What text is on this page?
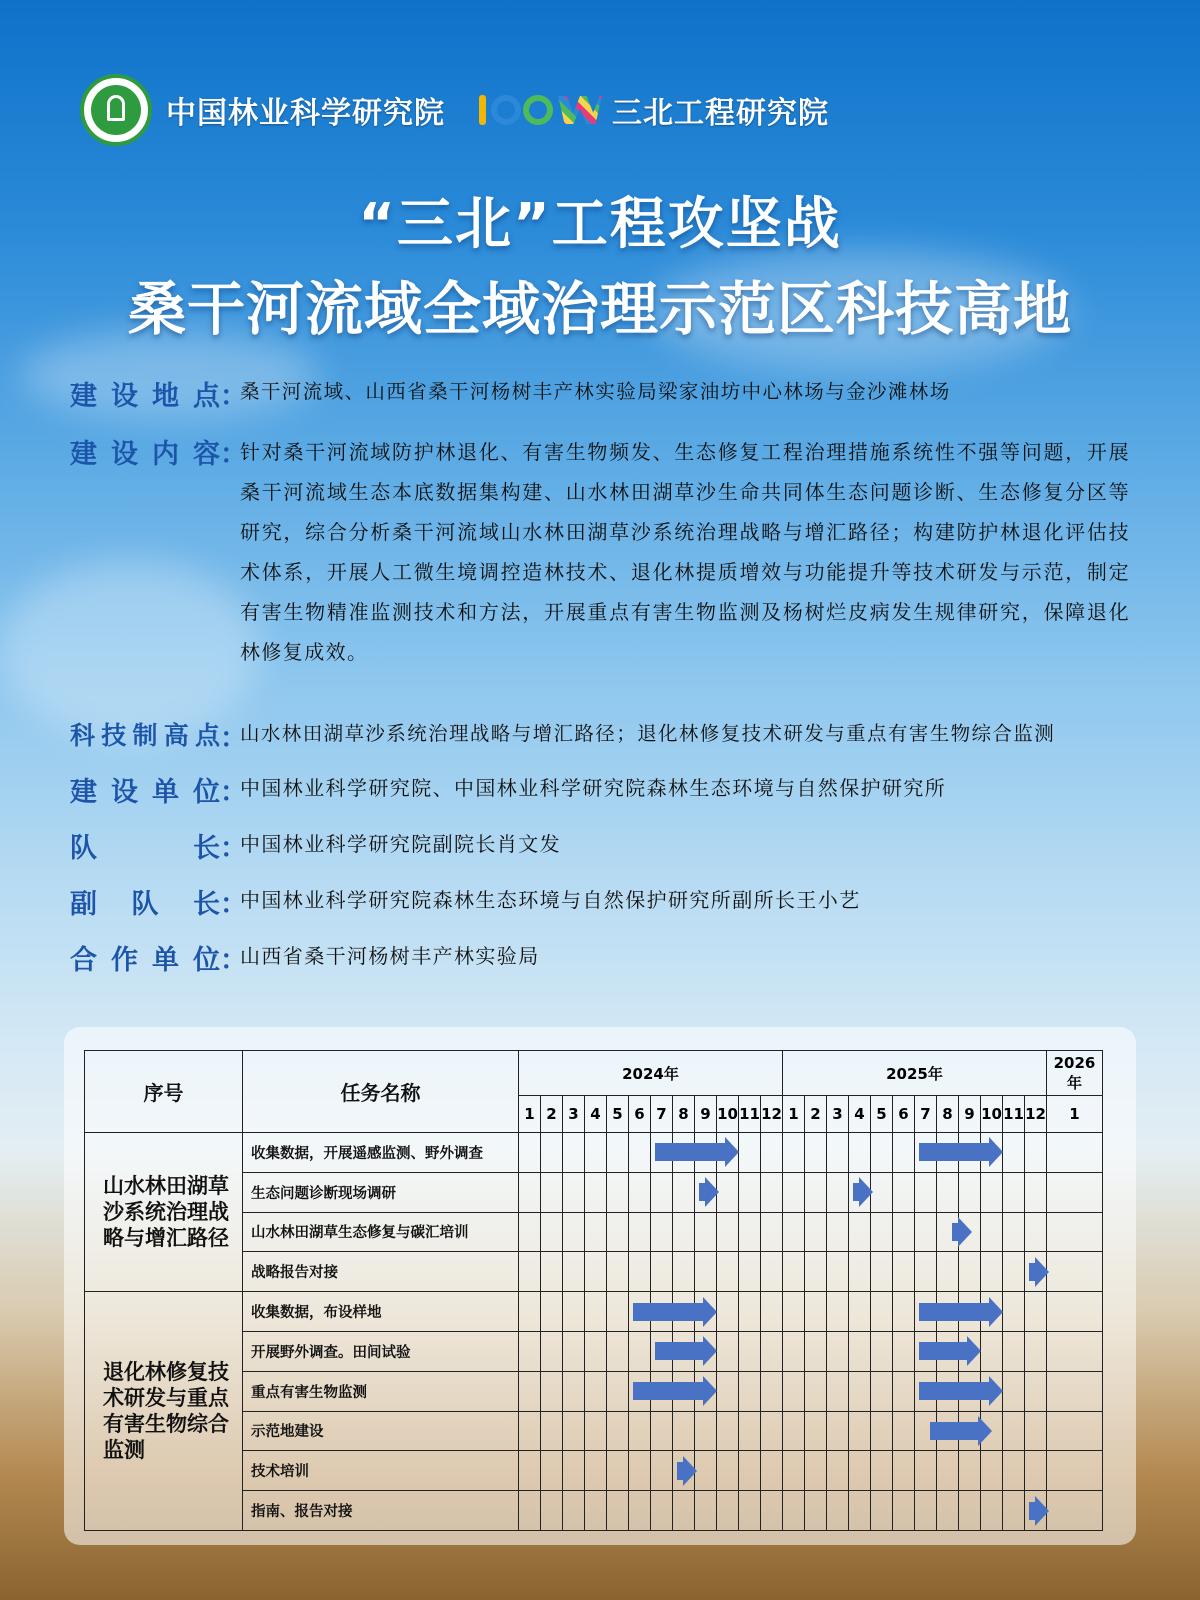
中国林业科学研究院	三北工程研究院
“三北”工程攻坚战
桑干河流域全域治理示范区科技高地
建设地点 ：
桑干河流域、山西省桑干河杨树丰产林实验局梁家油坊中心林场与金沙滩林场
建设内容 ：
针对桑干河流域防护林退化、有害生物频发、生态修复工程治理措施系统性不强等问题，开展桑干河流域生态本底数据集构建、山水林田湖草沙生命共同体生态问题诊断、生态修复分区等研究，综合分析桑干河流域山水林田湖草沙系统治理战略与增汇路径；构建防护林退化评估技术体系，开展人工微生境调控造林技术、退化林提质增效与功能提升等技术研发与示范，制定有害生物精准监测技术和方法，开展重点有害生物监测及杨树烂皮病发生规律研究，保障退化林修复成效。
科技制高点 ：
山水林田湖草沙系统治理战略与增汇路径；退化林修复技术研发与重点有害生物综合监测
建设单位 ：
中国林业科学研究院、中国林业科学研究院森林生态环境与自然保护研究所
队长 ：
中国林业科学研究院副院长肖文发
副队长 ：
中国林业科学研究院森林生态环境与自然保护研究所副所长王小艺
合作单位 ：
山西省桑干河杨树丰产林实验局
序号	任务名称	2024年												2025年												2026年
		1	2	3	4	5	6	7	8	9	10	11	12	1	2	3	4	5	6	7	8	9	10	11	12	1
山水林田湖草沙系统治理战略与增汇路径	收集数据，开展遥感监测、野外调查																									
	生态问题诊断现场调研																									
	山水林田湖草生态修复与碳汇培训																									
	战略报告对接																									
退化林修复技术研发与重点有害生物综合监测	收集数据，布设样地																									
	开展野外调查。田间试验																									
	重点有害生物监测																									
	示范地建设																									
	技术培训																									
	指南、报告对接																									
